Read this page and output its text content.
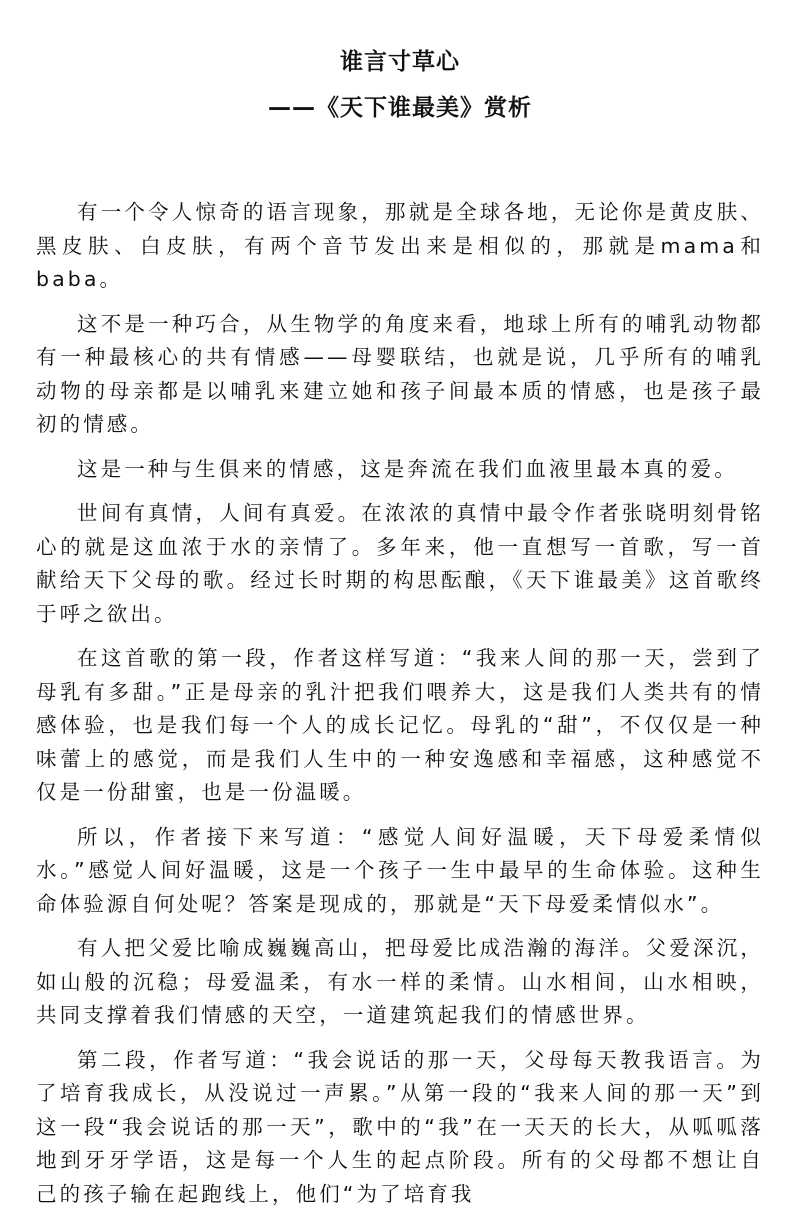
谁言寸草心
——《天下谁最美》赏析

有一个令人惊奇的语言现象，那就是全球各地，无论你是黄皮肤、黑皮肤、白皮肤，有两个音节发出来是相似的，那就是mama和baba。

这不是一种巧合，从生物学的角度来看，地球上所有的哺乳动物都有一种最核心的共有情感——母婴联结，也就是说，几乎所有的哺乳动物的母亲都是以哺乳来建立她和孩子间最本质的情感，也是孩子最初的情感。

这是一种与生俱来的情感，这是奔流在我们血液里最本真的爱。

世间有真情，人间有真爱。在浓浓的真情中最令作者张晓明刻骨铭心的就是这血浓于水的亲情了。多年来，他一直想写一首歌，写一首献给天下父母的歌。经过长时期的构思酝酿，《天下谁最美》这首歌终于呼之欲出。

在这首歌的第一段，作者这样写道：“我来人间的那一天，尝到了母乳有多甜。”正是母亲的乳汁把我们喂养大，这是我们人类共有的情感体验，也是我们每一个人的成长记忆。母乳的“甜”，不仅仅是一种味蕾上的感觉，而是我们人生中的一种安逸感和幸福感，这种感觉不仅是一份甜蜜，也是一份温暖。

所以，作者接下来写道：“感觉人间好温暖，天下母爱柔情似水。”感觉人间好温暖，这是一个孩子一生中最早的生命体验。这种生命体验源自何处呢？答案是现成的，那就是“天下母爱柔情似水”。

有人把父爱比喻成巍巍高山，把母爱比成浩瀚的海洋。父爱深沉，如山般的沉稳；母爱温柔，有水一样的柔情。山水相间，山水相映，共同支撑着我们情感的天空，一道建筑起我们的情感世界。

第二段，作者写道：“我会说话的那一天，父母每天教我语言。为了培育我成长，从没说过一声累。”从第一段的“我来人间的那一天”到这一段“我会说话的那一天”，歌中的“我”在一天天的长大，从呱呱落地到牙牙学语，这是每一个人生的起点阶段。所有的父母都不想让自己的孩子输在起跑线上，他们“为了培育我
